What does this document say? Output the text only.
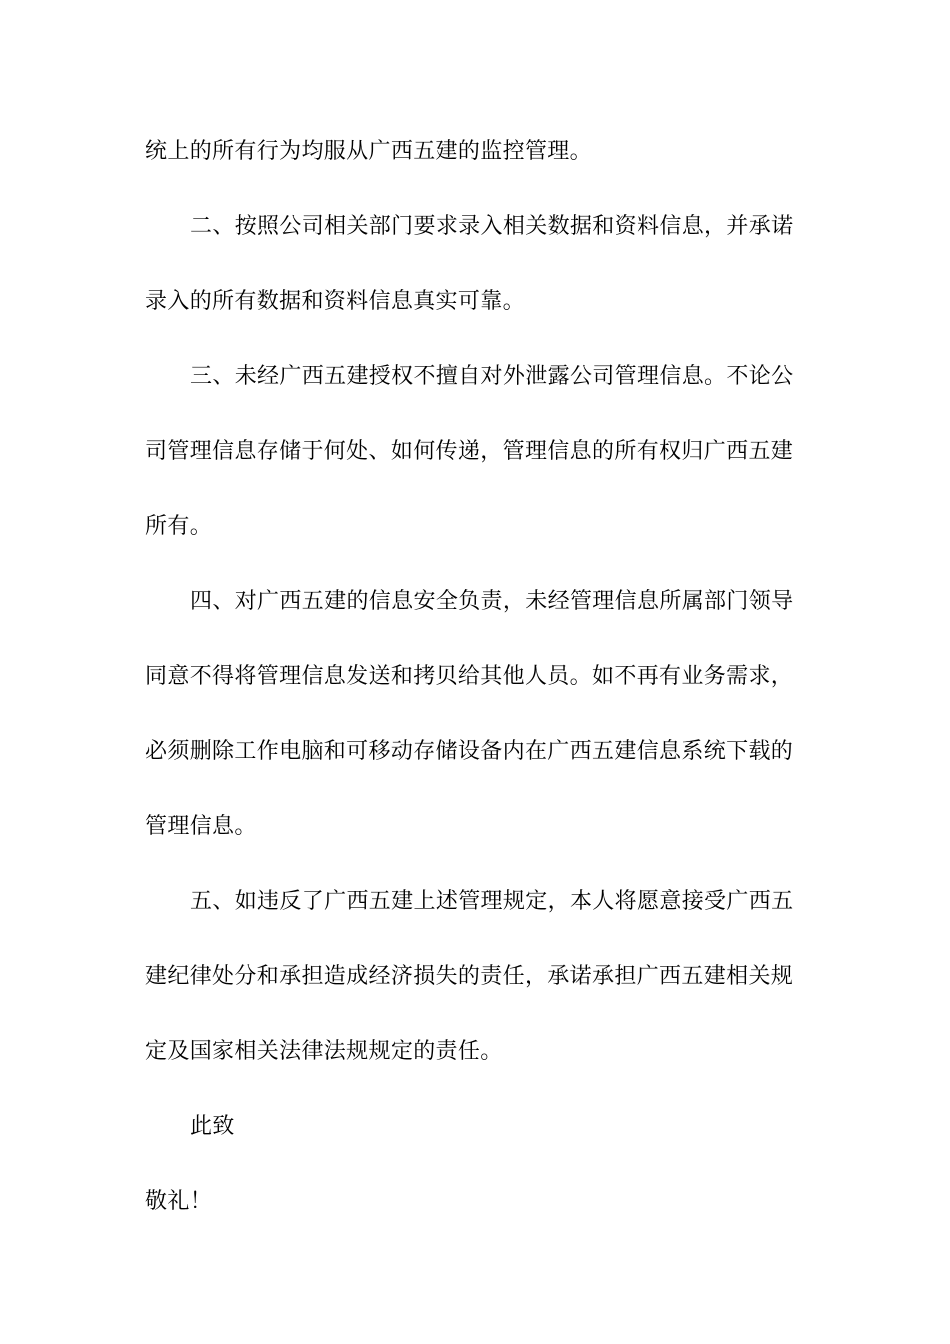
统上的所有行为均服从广西五建的监控管理。
二、按照公司相关部门要求录入相关数据和资料信息，并承诺
录入的所有数据和资料信息真实可靠。
三、未经广西五建授权不擅自对外泄露公司管理信息。不论公
司管理信息存储于何处、如何传递，管理信息的所有权归广西五建
所有。
四、对广西五建的信息安全负责，未经管理信息所属部门领导
同意不得将管理信息发送和拷贝给其他人员。如不再有业务需求，
必须删除工作电脑和可移动存储设备内在广西五建信息系统下载的
管理信息。
五、如违反了广西五建上述管理规定，本人将愿意接受广西五
建纪律处分和承担造成经济损失的责任，承诺承担广西五建相关规
定及国家相关法律法规规定的责任。
此致
敬礼！
